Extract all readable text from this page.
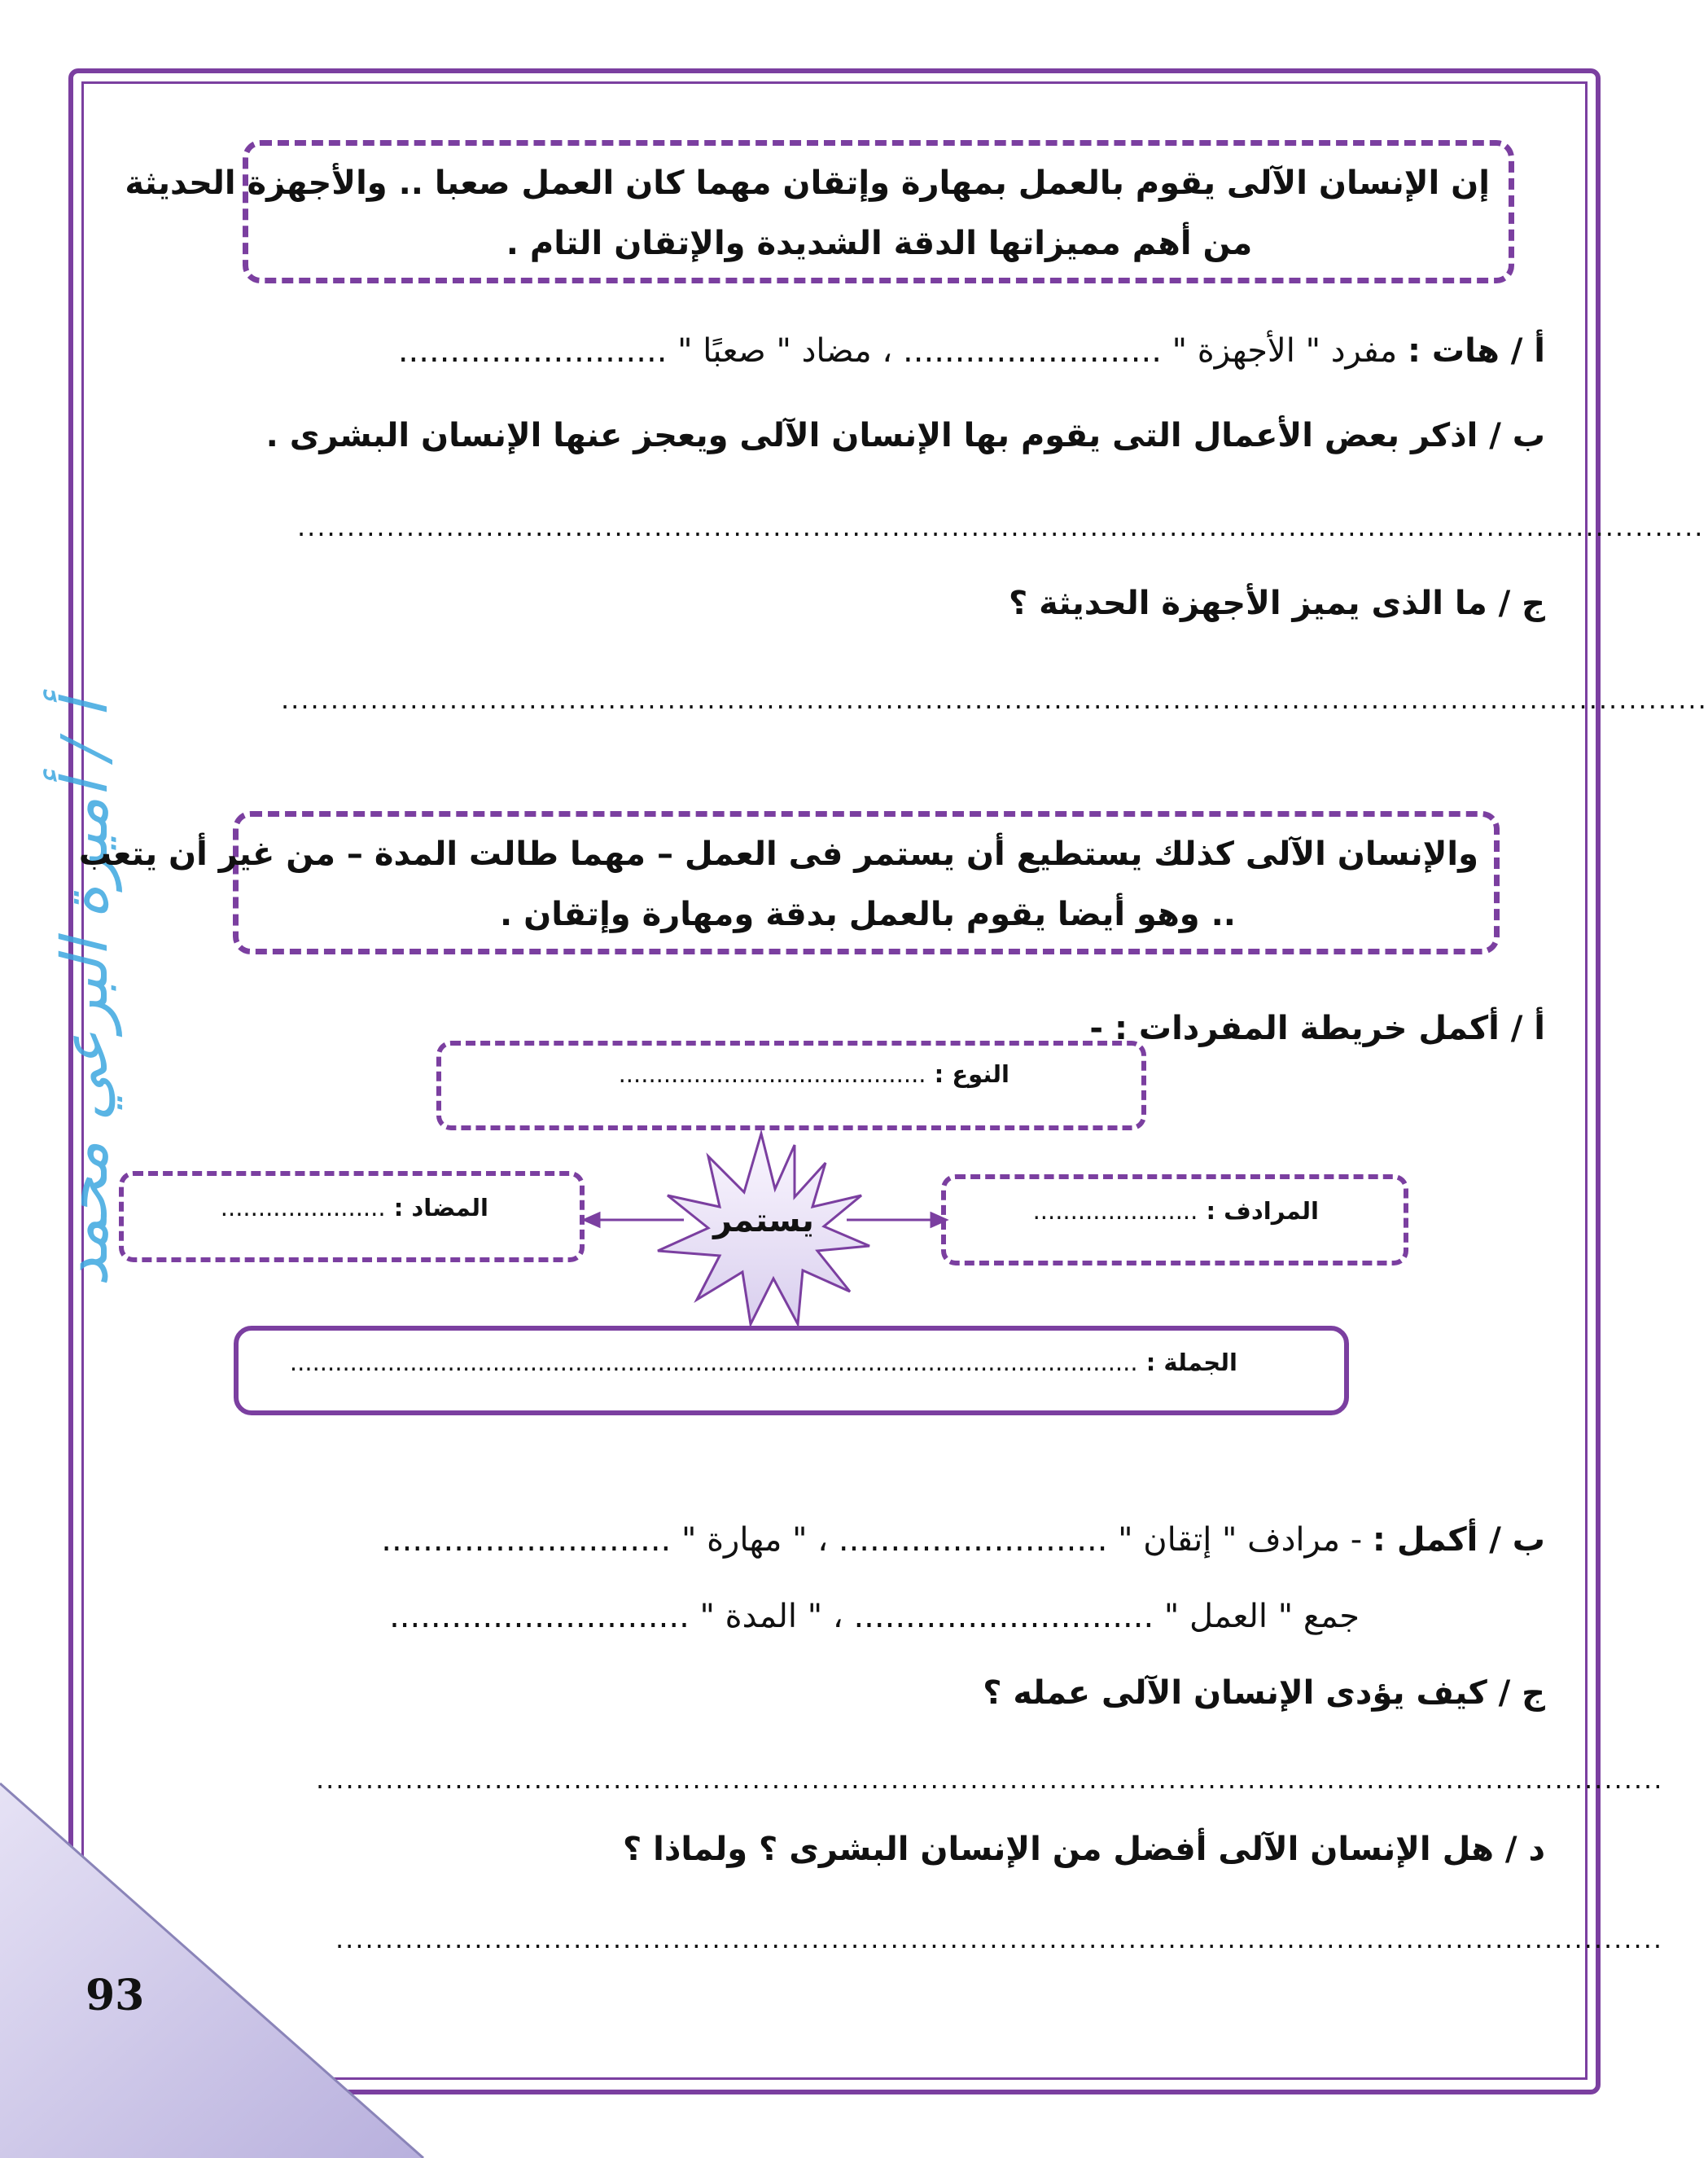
93
أ / أميرة البرعي محمد
إن الإنسان الآلى يقوم بالعمل بمهارة وإتقان مهما كان العمل صعبا .. والأجهزة الحديثة
من أهم مميزاتها الدقة الشديدة والإتقان التام .
أ / هات : مفرد " الأجهزة " ......................... ، مضاد " صعبًا " ..........................
ب / اذكر بعض الأعمال التى يقوم بها الإنسان الآلى ويعجز عنها الإنسان البشرى .
..............................................................................................................................................
ج / ما الذى يميز الأجهزة الحديثة ؟
................................................................................................................................................
والإنسان الآلى كذلك يستطيع أن يستمر فى العمل – مهما طالت المدة – من غير أن يتعب
.. وهو أيضا يقوم بالعمل بدقة ومهارة وإتقان .
أ / أكمل خريطة المفردات : -
النوع : .........................................
المضاد : ......................	المرادف : ......................
يستمر
الجملة : .................................................................................................................
ب / أكمل : - مرادف " إتقان " .......................... ، " مهارة " ............................
جمع " العمل " ............................. ، " المدة " .............................
ج / كيف يؤدى الإنسان الآلى عمله ؟
........................................................................................................................................
د / هل الإنسان الآلى أفضل من الإنسان البشرى ؟ ولماذا ؟
......................................................................................................................................
